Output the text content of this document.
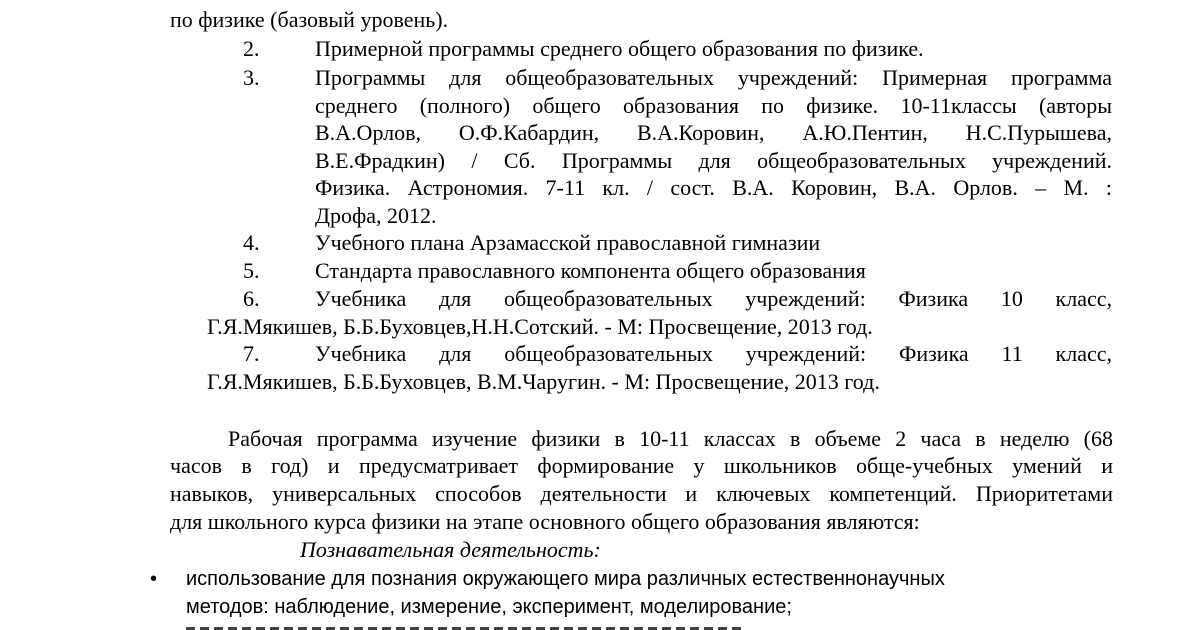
по физике (базовый уровень).
2.	Примерной программы среднего общего образования по физике.
3.	Программы для общеобразовательных учреждений: Примерная программа
среднего (полного) общего образования по физике. 10-11классы (авторы
В.А.Орлов, О.Ф.Кабардин, В.А.Коровин, А.Ю.Пентин, Н.С.Пурышева,
В.Е.Фрадкин) / Сб. Программы для общеобразовательных учреждений.
Физика. Астрономия. 7-11 кл. / сост. В.А. Коровин, В.А. Орлов. – М. :
Дрофа, 2012.
4.	Учебного плана Арзамасской православной гимназии
5.	Стандарта православного компонента общего образования
6.	Учебника для общеобразовательных учреждений: Физика 10 класс,
Г.Я.Мякишев, Б.Б.Буховцев,Н.Н.Сотский. - М: Просвещение, 2013 год.
7.	Учебника для общеобразовательных учреждений: Физика 11 класс,
Г.Я.Мякишев, Б.Б.Буховцев, В.М.Чаругин. - М: Просвещение, 2013 год.
Рабочая программа изучение физики в 10-11 классах в объеме 2 часа в неделю (68
часов в год) и предусматривает формирование у школьников обще-учебных умений и
навыков, универсальных способов деятельности и ключевых компетенций. Приоритетами
для школьного курса физики на этапе основного общего образования являются:
Познавательная деятельность:
• использование для познания окружающего мира различных естественнонаучных
методов: наблюдение, измерение, эксперимент, моделирование;
